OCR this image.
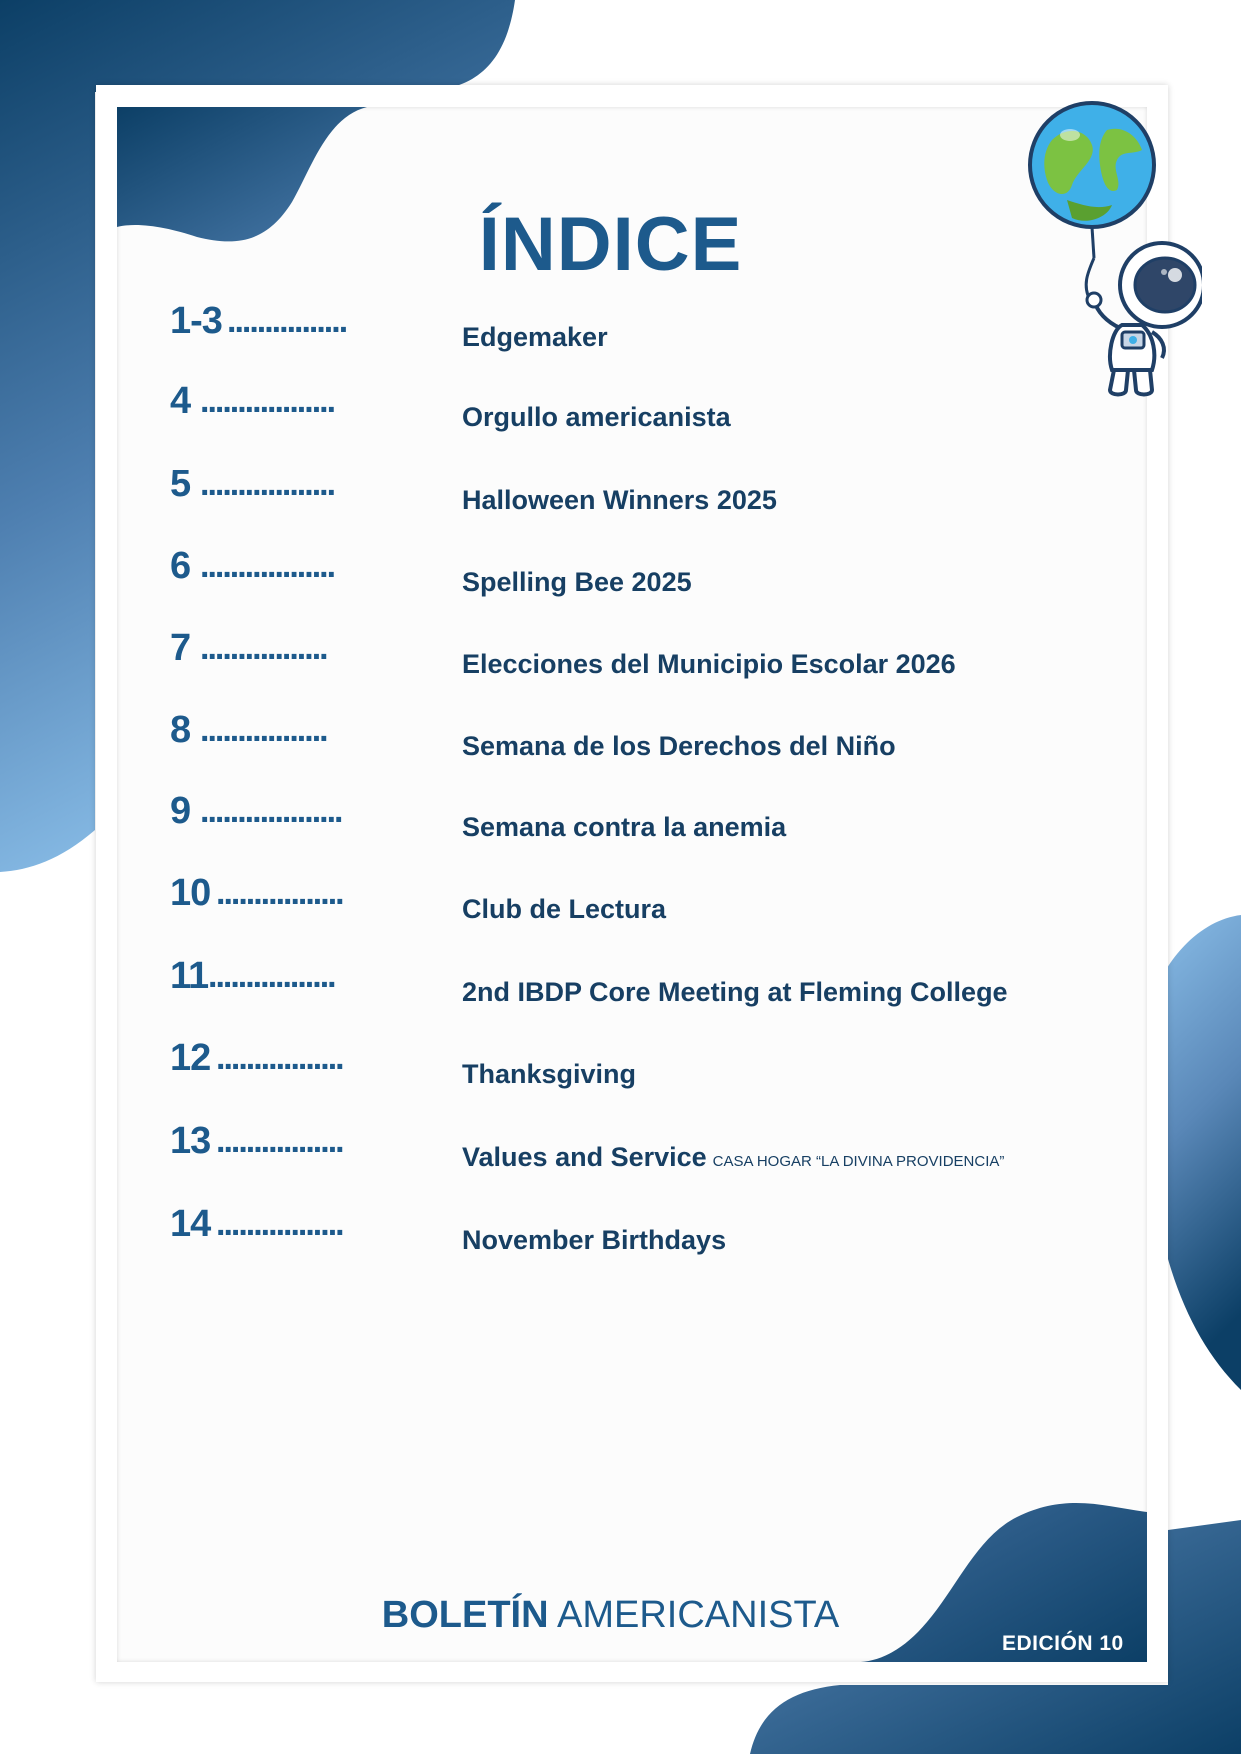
ÍNDICE
1-3 ................	Edgemaker
4 ..................	Orgullo americanista
5 ..................	Halloween Winners 2025
6 ..................	Spelling Bee 2025
7 .................	Elecciones del Municipio Escolar 2026
8 .................	Semana de los Derechos del Niño
9 ...................	Semana contra la anemia
10 .................	Club de Lectura
11 .................	2nd IBDP Core Meeting at Fleming College
12 .................	Thanksgiving
13 .................	Values and Service CASA HOGAR “LA DIVINA PROVIDENCIA”
14 .................	November Birthdays
BOLETÍN AMERICANISTA
EDICIÓN 10
